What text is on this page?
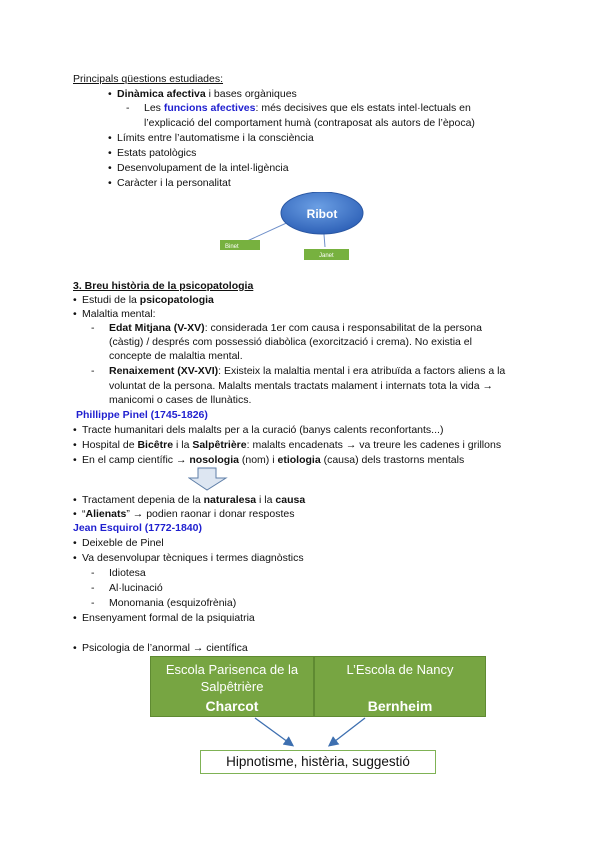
Principals qüestions estudiades:
• Dinàmica afectiva i bases orgàniques
- Les funcions afectives: més decisives que els estats intel·lectuals en
l’explicació del comportament humà (contraposat als autors de l’època)
• Límits entre l’automatisme i la consciència
• Estats patològics
• Desenvolupament de la intel·ligència
• Caràcter i la personalitat
Ribot
Binet
Janet
3. Breu història de la psicopatologia
• Estudi de la psicopatologia
• Malaltia mental:
- Edat Mitjana (V-XV): considerada 1er com causa i responsabilitat de la persona
(càstig) / després com possessió diabòlica (exorcització i crema). No existia el
concepte de malaltia mental.
- Renaixement (XV-XVI): Existeix la malaltia mental i era atribuïda a factors aliens a la
voluntat de la persona. Malalts mentals tractats malament i internats tota la vida →
manicomi o cases de llunàtics.
Phillippe Pinel (1745-1826)
• Tracte humanitari dels malalts per a la curació (banys calents reconfortants...)
• Hospital de Bicêtre i la Salpêtrière: malalts encadenats → va treure les cadenes i grillons
• En el camp científic → nosologia (nom) i etiologia (causa) dels trastorns mentals
• Tractament depenia de la naturalesa i la causa
• “Alienats” → podien raonar i donar respostes
Jean Esquirol (1772-1840)
• Deixeble de Pinel
• Va desenvolupar tècniques i termes diagnòstics
- Idiotesa
- Al·lucinació
- Monomania (esquizofrènia)
• Ensenyament formal de la psiquiatria
• Psicologia de l’anormal → científica
Escola Parisenca de la
Salpêtrière
Charcot
L’Escola de Nancy
Bernheim
Hipnotisme, histèria, suggestió
